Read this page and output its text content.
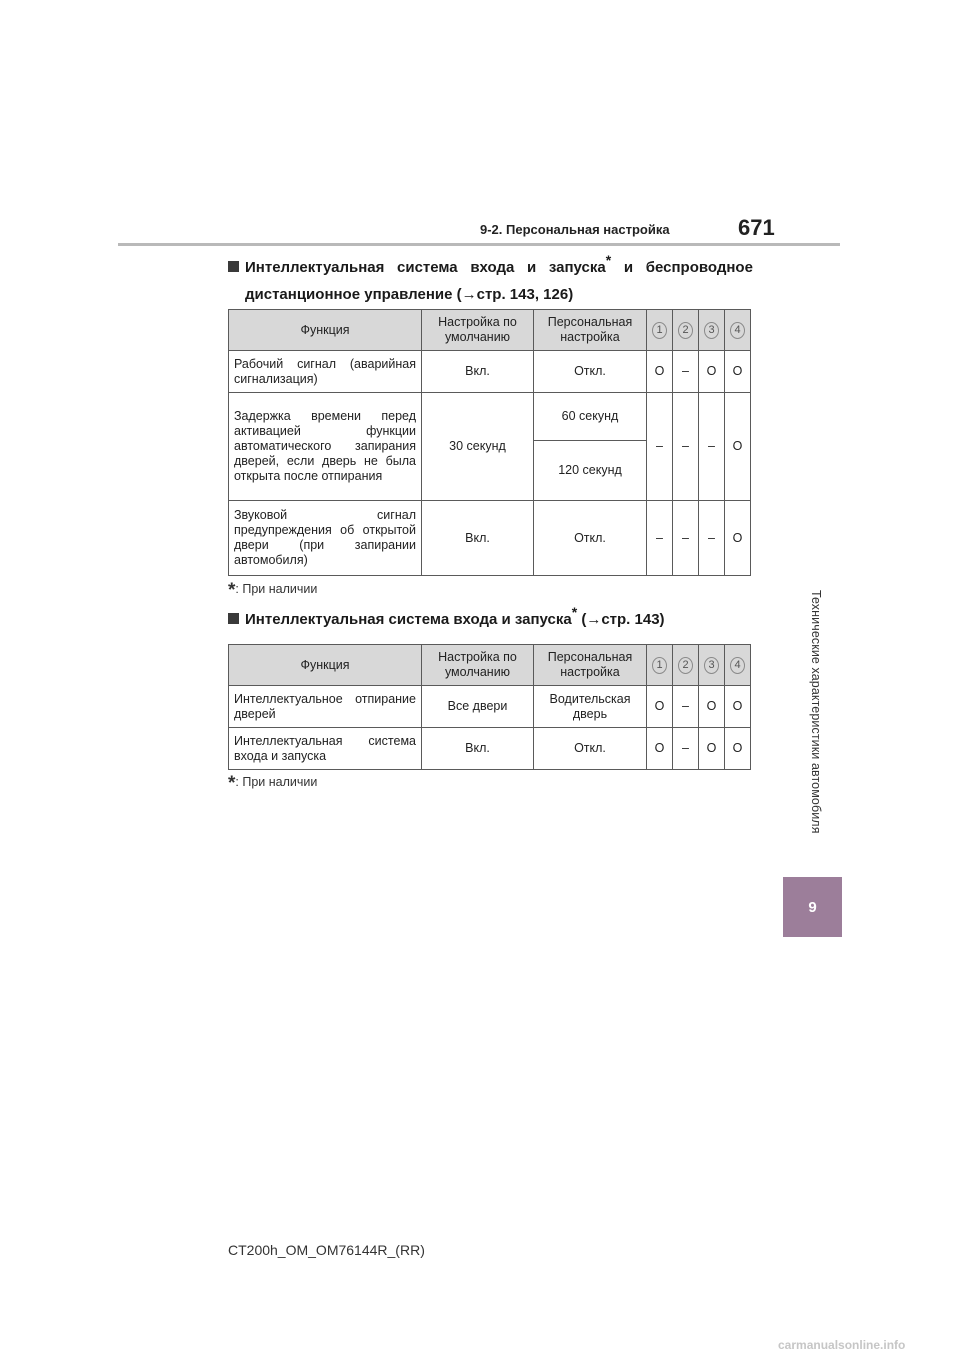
9-2. Персональная настройка	671
Технические характеристики автомобиля
9
Интеллектуальная система входа и запуска* и беспроводное
дистанционное управление (→стр. 143, 126)
Функция	Настройка по умолчанию	Персональная настройка	1	2	3	4
Рабочий сигнал (аварийная сигнализация)	Вкл.	Откл.	O	–	O	O
Задержка времени перед активацией функции автоматического запирания дверей, если дверь не была открыта после отпирания	30 секунд	60 секунд	–	–	–	O
		120 секунд				
Звуковой сигнал предупреждения об открытой двери (при запирании автомобиля)	Вкл.	Откл.	–	–	–	O
*: При наличии
Интеллектуальная система входа и запуска* (→стр. 143)
Функция	Настройка по умолчанию	Персональная настройка	1	2	3	4
Интеллектуальное отпирание дверей	Все двери	Водительская дверь	O	–	O	O
Интеллектуальная система входа и запуска	Вкл.	Откл.	O	–	O	O
*: При наличии
CT200h_OM_OM76144R_(RR)
carmanualsonline.info
